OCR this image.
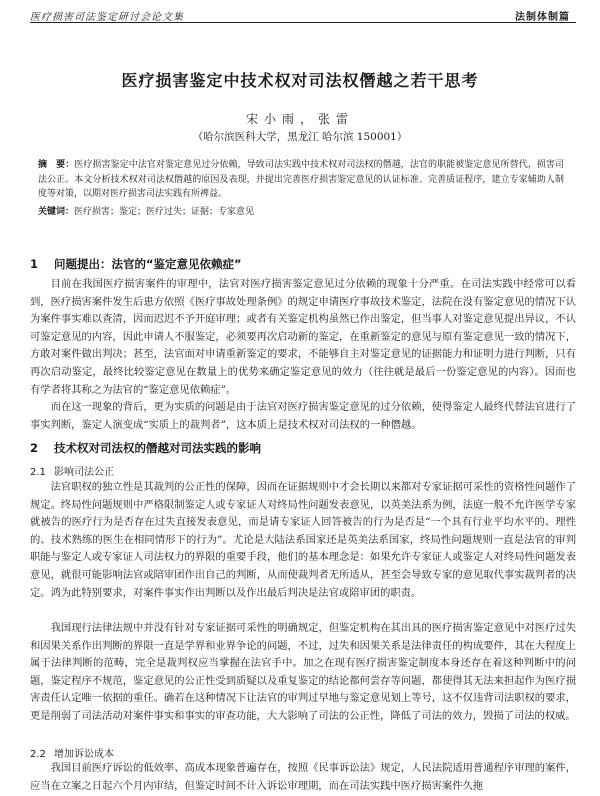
医疗损害司法鉴定研讨会论文集	法制体制篇
医疗损害鉴定中技术权对司法权僭越之若干思考
宋小雨，张雷
（哈尔滨医科大学，黑龙江 哈尔滨 150001）
摘　要：医疗损害鉴定中法官对鉴定意见过分依赖，导致司法实践中技术权对司法权的僭越，法官的职能被鉴定意见所替代，损害司法公正。本文分析技术权对司法权僭越的原因及表现，并提出完善医疗损害鉴定意见的认证标准、完善质证程序，建立专家辅助人制度等对策，以期对医疗损害司法实践有所裨益。
关键词：医疗损害；鉴定；医疗过失；证据；专家意见
1 问题提出：法官的“鉴定意见依赖症”

目前在我国医疗损害案件的审理中，法官对医疗损害鉴定意见过分依赖的现象十分严重。在司法实践中经常可以看到，医疗损害案件发生后患方依照《医疗事故处理条例》的规定申请医疗事故技术鉴定，法院在没有鉴定意见的情况下认为案件事实难以查清，因而迟迟不予开庭审理；或者有关鉴定机构虽然已作出鉴定，但当事人对鉴定意见提出异议，不认可鉴定意见的内容，因此申请人不服鉴定，必须要再次启动新的鉴定，在重新鉴定的意见与原有鉴定意见一致的情况下，方敢对案件做出判决；甚至，法官面对申请重新鉴定的要求，不能够自主对鉴定意见的证据能力和证明力进行判断，只有再次启动鉴定，最终比较鉴定意见在数量上的优势来确定鉴定意见的效力（往往就是最后一份鉴定意见的内容）。因而也有学者将其称之为法官的“鉴定意见依赖症”。

而在这一现象的背后，更为实质的问题是由于法官对医疗损害鉴定意见的过分依赖，使得鉴定人最终代替法官进行了事实判断，鉴定人演变成“实质上的裁判者”，这本质上是技术权对司法权的一种僭越。

2 技术权对司法权的僭越对司法实践的影响
2.1 影响司法公正

法官职权的独立性是其裁判的公正性的保障，因而在证据规则中才会长期以来都对专家证据可采性的资格性问题作了规定。终局性问题规则中严格限制鉴定人或专家证人对终局性问题发表意见，以英美法系为例，法庭一般不允许医学专家就被告的医疗行为是否存在过失直接发表意见，而是请专家证人回答被告的行为是否是“一个具有行业平均水平的、理性的、技术熟练的医生在相同情形下的行为”。尤论是大陆法系国家还是英美法系国家，终局性问题规则一直是法官的审判职能与鉴定人或专家证人司法权力的界限的重要手段，他们的基本理念是：如果允许专家证人或鉴定人对终局性问题发表意见，就很可能影响法官或陪审团作出自己的判断，从而使裁判者无所适从，甚至会导致专家的意见取代事实裁判者的决定。鸿为此特别要求，对案件事实作出判断以及作出最后判决是法官或陪审团的职责。

我国现行法律法规中并没有针对专家证据可采性的明确规定，但鉴定机构在其出具的医疗损害鉴定意见中对医疗过失和因果关系作出判断的界限一直是学界和业界争论的问题，不过，过失和因果关系是法律责任的构成要件，其在大程度上属于法律判断的范畴，完全是裁判权应当掌握在法官手中。加之在现有医疗损害鉴定制度本身还存在着这种判断中的问题，鉴定程序不规范，鉴定意见的公正性受到质疑以及重复鉴定的结论都何尝存等问题，都使得其无法来担起作为医疗损害责任认定唯一依据的重任。确若在这种情况下让法官的审判过早地与鉴定意见划上等号，这不仅违背司法职权的要求，更是削弱了司法活动对案件事实和事实的审查功能，大大影响了司法的公正性，降低了司法的效力，毁损了司法的权威。

2.2 增加诉讼成本

我国目前医疗诉讼的低效率、高成本现象普遍存在，按照《民事诉讼法》规定，人民法院适用普通程序审理的案件，应当在立案之日起六个月内审结，但鉴定时间不计入诉讼审理期，而在司法实践中医疗损害案件久拖
